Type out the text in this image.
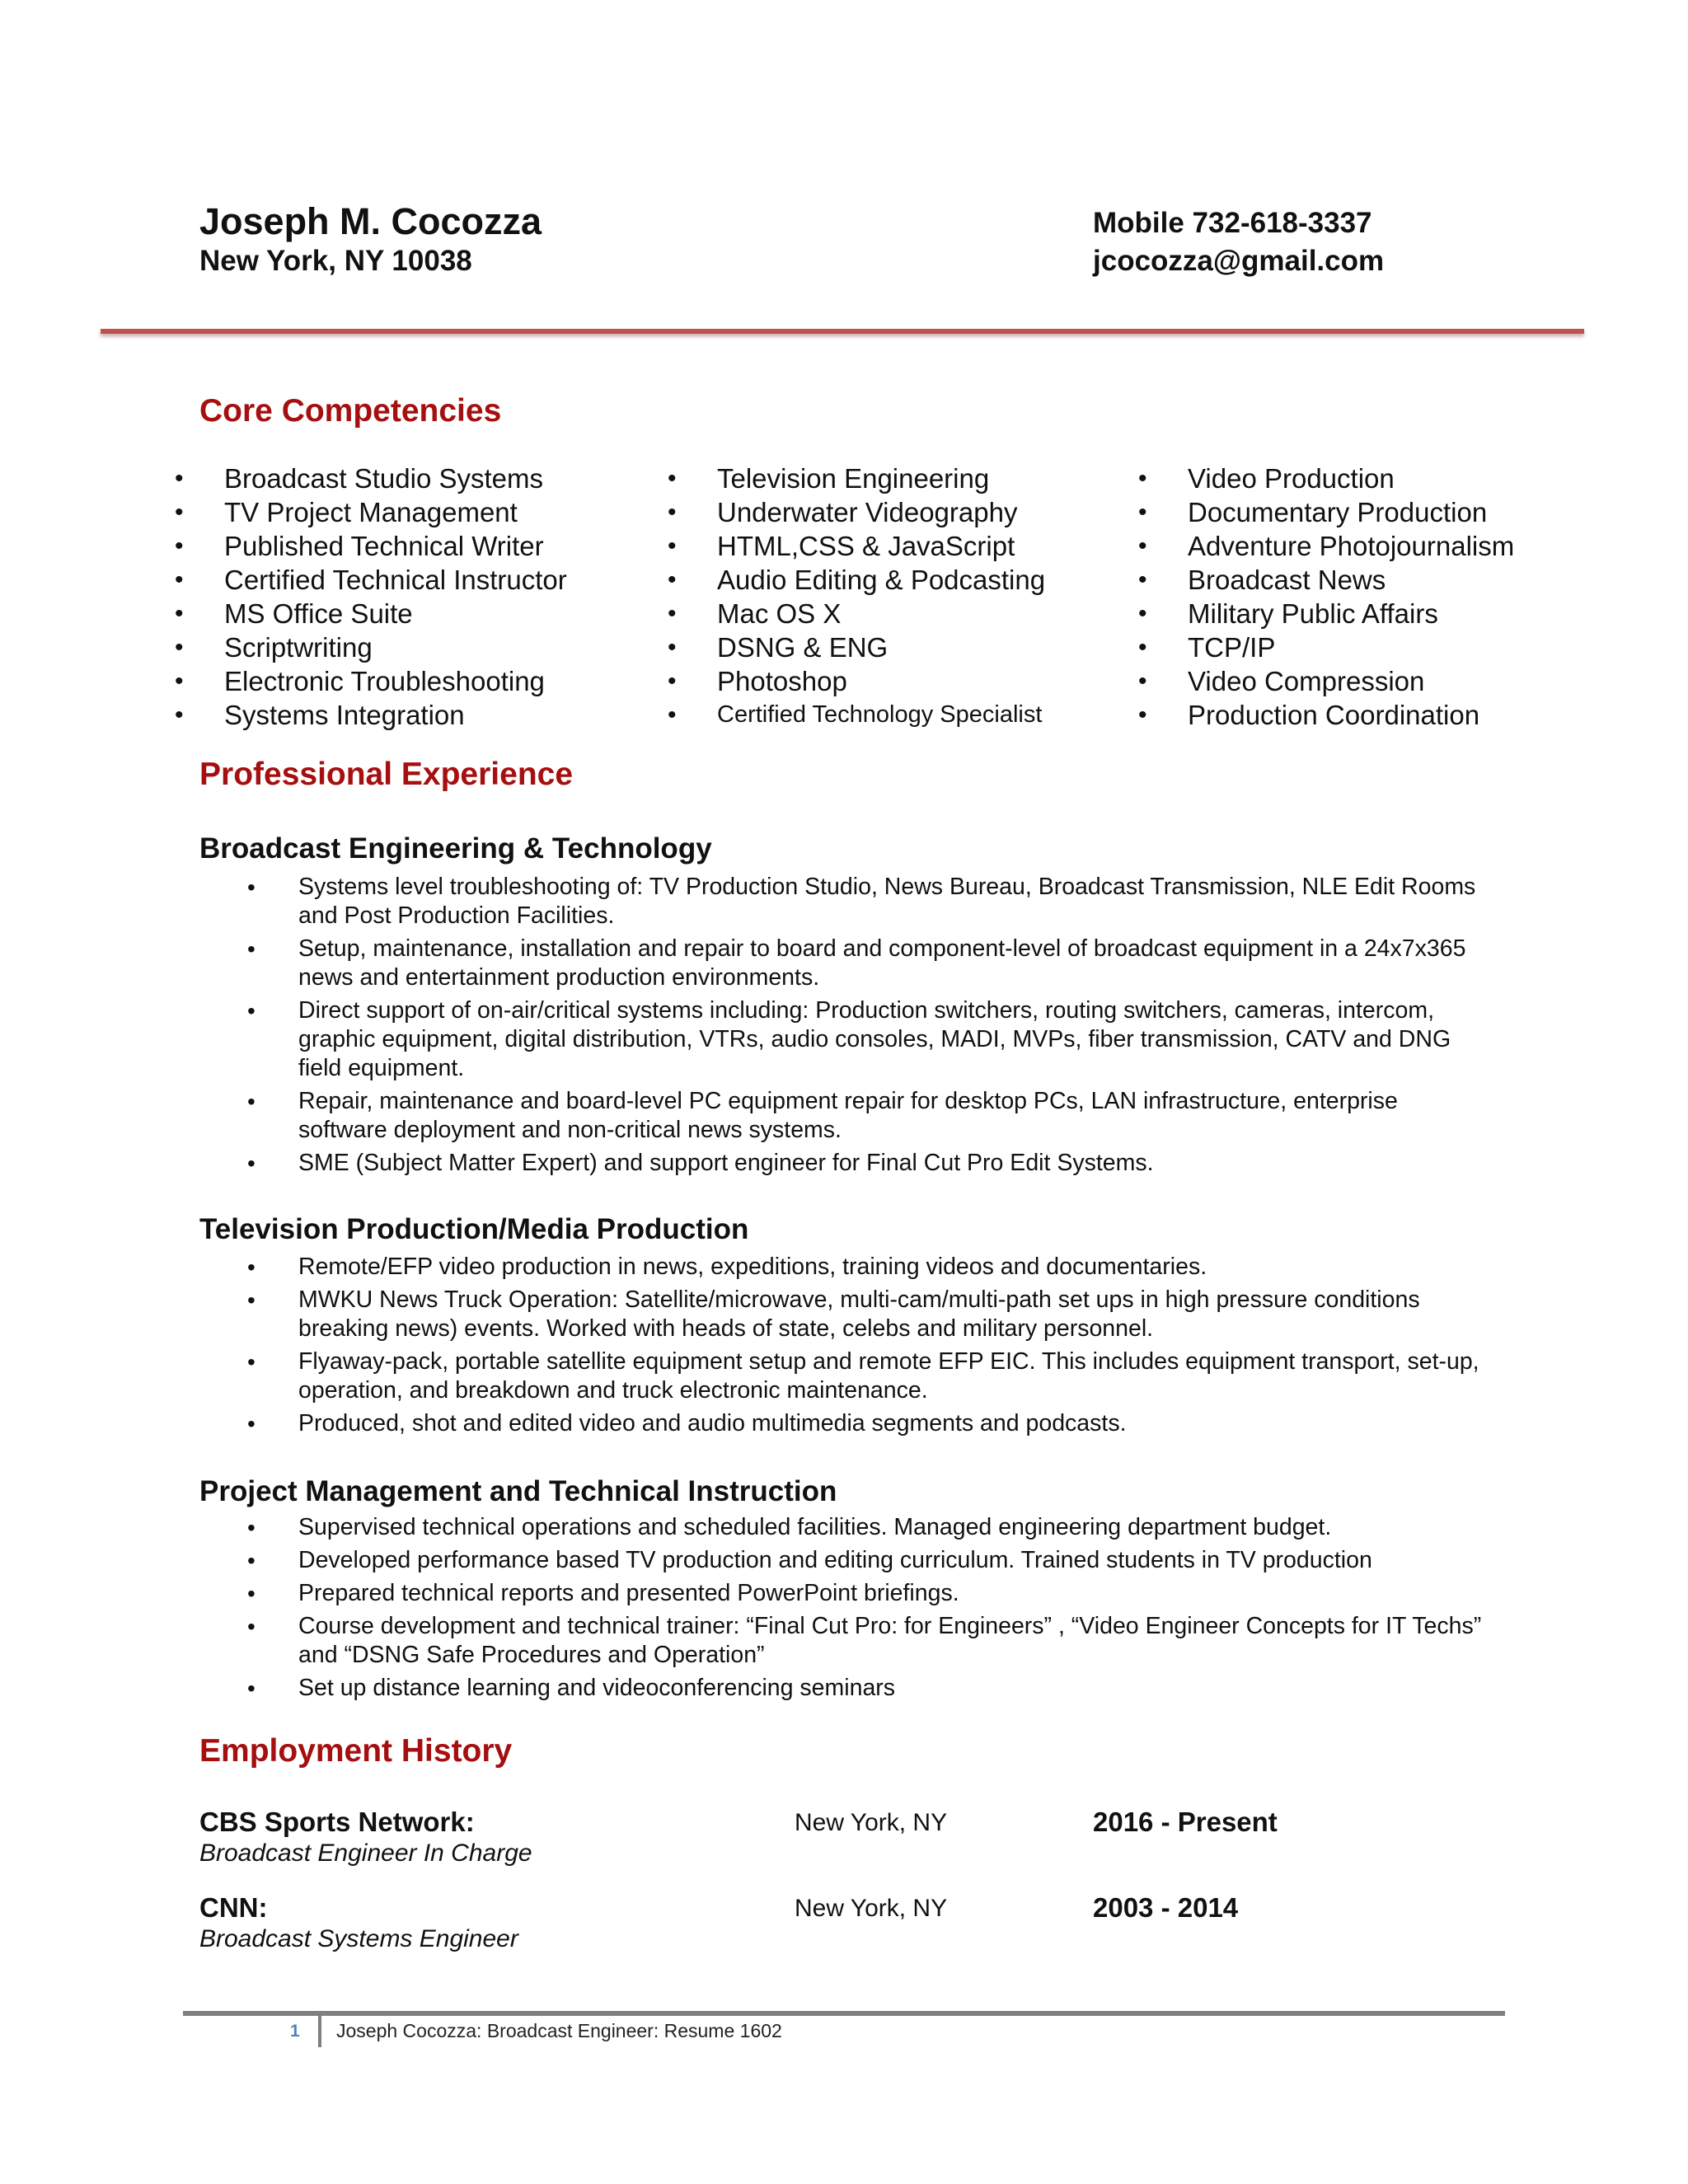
Joseph M. Cocozza
New York, NY 10038
Mobile 732-618-3337
jcocozza@gmail.com
Core Competencies
• Broadcast Studio Systems
• TV Project Management
• Published Technical Writer
• Certified Technical Instructor
• MS Office Suite
• Scriptwriting
• Electronic Troubleshooting
• Systems Integration
• Television Engineering
• Underwater Videography
• HTML,CSS & JavaScript
• Audio Editing & Podcasting
• Mac OS X
• DSNG & ENG
• Photoshop
• Certified Technology Specialist
• Video Production
• Documentary Production
• Adventure Photojournalism
• Broadcast News
• Military Public Affairs
• TCP/IP
• Video Compression
• Production Coordination
Professional Experience
Broadcast Engineering & Technology
• Systems level troubleshooting of: TV Production Studio, News Bureau, Broadcast Transmission, NLE Edit Rooms and Post Production Facilities.
• Setup, maintenance, installation and repair to board and component-level of broadcast equipment in a 24x7x365 news and entertainment production environments.
• Direct support of on-air/critical systems including: Production switchers, routing switchers, cameras, intercom, graphic equipment, digital distribution, VTRs, audio consoles, MADI, MVPs, fiber transmission, CATV and DNG field equipment.
• Repair, maintenance and board-level PC equipment repair for desktop PCs, LAN infrastructure, enterprise software deployment and non-critical news systems.
• SME (Subject Matter Expert) and support engineer for Final Cut Pro Edit Systems.
Television Production/Media Production
• Remote/EFP video production in news, expeditions, training videos and documentaries.
• MWKU News Truck Operation: Satellite/microwave, multi-cam/multi-path set ups in high pressure conditions breaking news) events. Worked with heads of state, celebs and military personnel.
• Flyaway-pack, portable satellite equipment setup and remote EFP EIC. This includes equipment transport, set-up, operation, and breakdown and truck electronic maintenance.
• Produced, shot and edited video and audio multimedia segments and podcasts.
Project Management and Technical Instruction
• Supervised technical operations and scheduled facilities. Managed engineering department budget.
• Developed performance based TV production and editing curriculum. Trained students in TV production
• Prepared technical reports and presented PowerPoint briefings.
• Course development and technical trainer: “Final Cut Pro: for Engineers” , “Video Engineer Concepts for IT Techs” and “DSNG Safe Procedures and Operation”
• Set up distance learning and videoconferencing seminars
Employment History
CBS Sports Network:	New York, NY	2016 - Present
Broadcast Engineer In Charge
CNN:	New York, NY	2003 - 2014
Broadcast Systems Engineer
1 Joseph Cocozza: Broadcast Engineer: Resume 1602
